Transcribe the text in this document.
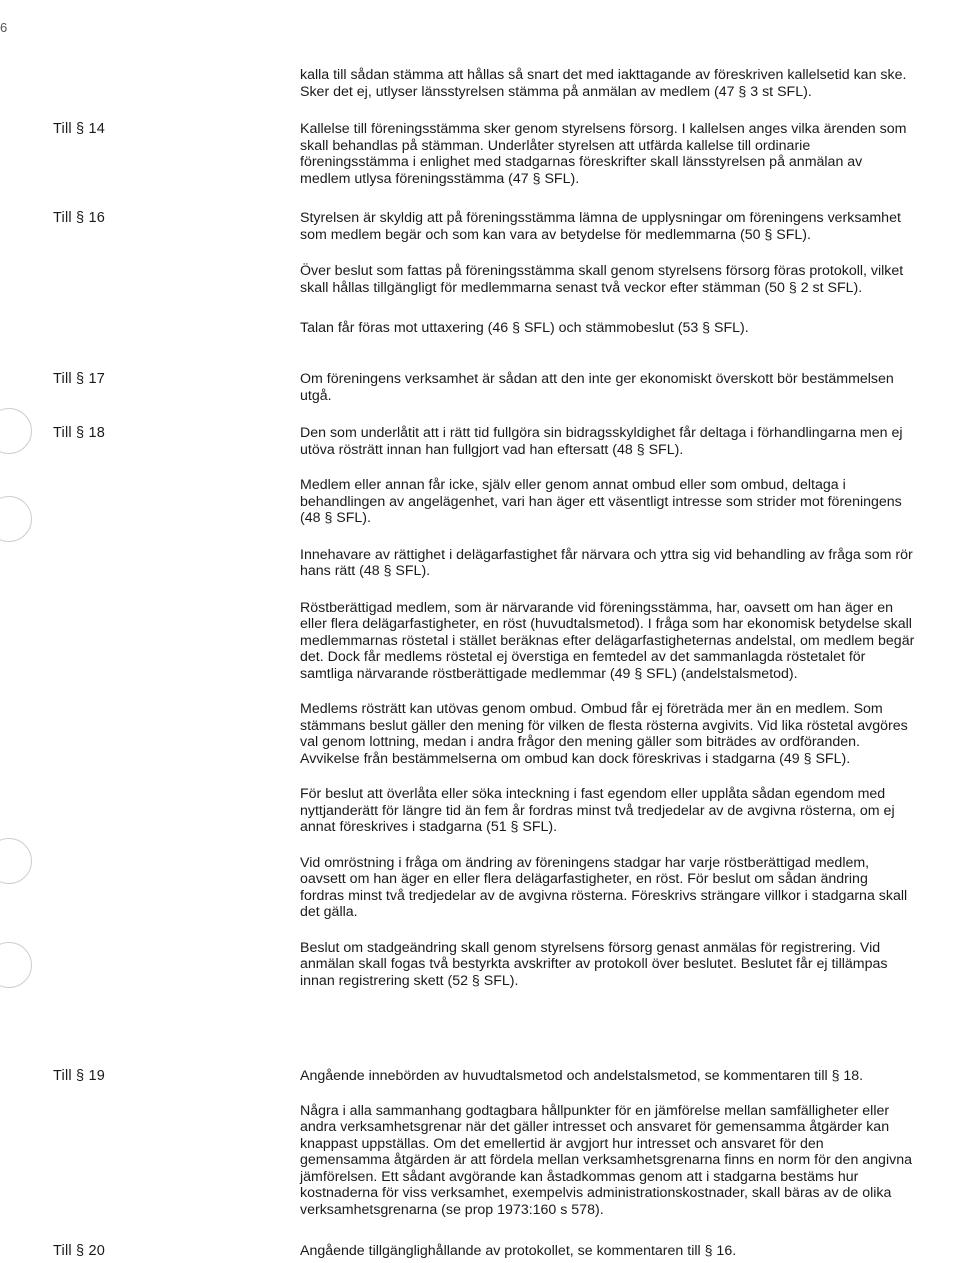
6

kalla till sådan stämma att hållas så snart det med iakttagande av föreskriven kallelsetid kan ske. Sker det ej, utlyser länsstyrelsen stämma på anmälan av medlem (47 § 3 st SFL).

Till § 14	Kallelse till föreningsstämma sker genom styrelsens försorg. I kallelsen anges vilka ärenden som skall behandlas på stämman. Underlåter styrelsen att utfärda kallelse till ordinarie föreningsstämma i enlighet med stadgarnas föreskrifter skall länsstyrelsen på anmälan av medlem utlysa föreningsstämma (47 § SFL).

Till § 16	Styrelsen är skyldig att på föreningsstämma lämna de upplysningar om föreningens verksamhet som medlem begär och som kan vara av betydelse för medlemmarna (50 § SFL).

Över beslut som fattas på föreningsstämma skall genom styrelsens försorg föras protokoll, vilket skall hållas tillgängligt för medlemmarna senast två veckor efter stämman (50 § 2 st SFL).

Talan får föras mot uttaxering (46 § SFL) och stämmobeslut (53 § SFL).

Till § 17	Om föreningens verksamhet är sådan att den inte ger ekonomiskt överskott bör bestämmelsen utgå.

Till § 18	Den som underlåtit att i rätt tid fullgöra sin bidragsskyldighet får deltaga i förhandlingarna men ej utöva rösträtt innan han fullgjort vad han eftersatt (48 § SFL).

Medlem eller annan får icke, själv eller genom annat ombud eller som ombud, deltaga i behandlingen av angelägenhet, vari han äger ett väsentligt intresse som strider mot föreningens (48 § SFL).

Innehavare av rättighet i delägarfastighet får närvara och yttra sig vid behandling av fråga som rör hans rätt (48 § SFL).

Röstberättigad medlem, som är närvarande vid föreningsstämma, har, oavsett om han äger en eller flera delägarfastigheter, en röst (huvudtalsmetod). I fråga som har ekonomisk betydelse skall medlemmarnas röstetal i stället beräknas efter delägarfastigheternas andelstal, om medlem begär det. Dock får medlems röstetal ej överstiga en femtedel av det sammanlagda röstetalet för samtliga närvarande röstberättigade medlemmar (49 § SFL) (andelstalsmetod).

Medlems rösträtt kan utövas genom ombud. Ombud får ej företräda mer än en medlem. Som stämmans beslut gäller den mening för vilken de flesta rösterna avgivits. Vid lika röstetal avgöres val genom lottning, medan i andra frågor den mening gäller som biträdes av ordföranden. Avvikelse från bestämmelserna om ombud kan dock föreskrivas i stadgarna (49 § SFL).

För beslut att överlåta eller söka inteckning i fast egendom eller upplåta sådan egendom med nyttjanderätt för längre tid än fem år fordras minst två tredjedelar av de avgivna rösterna, om ej annat föreskrives i stadgarna (51 § SFL).

Vid omröstning i fråga om ändring av föreningens stadgar har varje röstberättigad medlem, oavsett om han äger en eller flera delägarfastigheter, en röst. För beslut om sådan ändring fordras minst två tredjedelar av de avgivna rösterna. Föreskrivs strängare villkor i stadgarna skall det gälla.

Beslut om stadgeändring skall genom styrelsens försorg genast anmälas för registrering. Vid anmälan skall fogas två bestyrkta avskrifter av protokoll över beslutet. Beslutet får ej tillämpas innan registrering skett (52 § SFL).

Till § 19	Angående innebörden av huvudtalsmetod och andelstalsmetod, se kommentaren till § 18.

Några i alla sammanhang godtagbara hållpunkter för en jämförelse mellan samfälligheter eller andra verksamhetsgrenar när det gäller intresset och ansvaret för gemensamma åtgärder kan knappast uppställas. Om det emellertid är avgjort hur intresset och ansvaret för den gemensamma åtgärden är att fördela mellan verksamhetsgrenarna finns en norm för den angivna jämförelsen. Ett sådant avgörande kan åstadkommas genom att i stadgarna bestäms hur kostnaderna för viss verksamhet, exempelvis administrationskostnader, skall bäras av de olika verksamhetsgrenarna (se prop 1973:160 s 578).

Till § 20	Angående tillgänglighållande av protokollet, se kommentaren till § 16.
